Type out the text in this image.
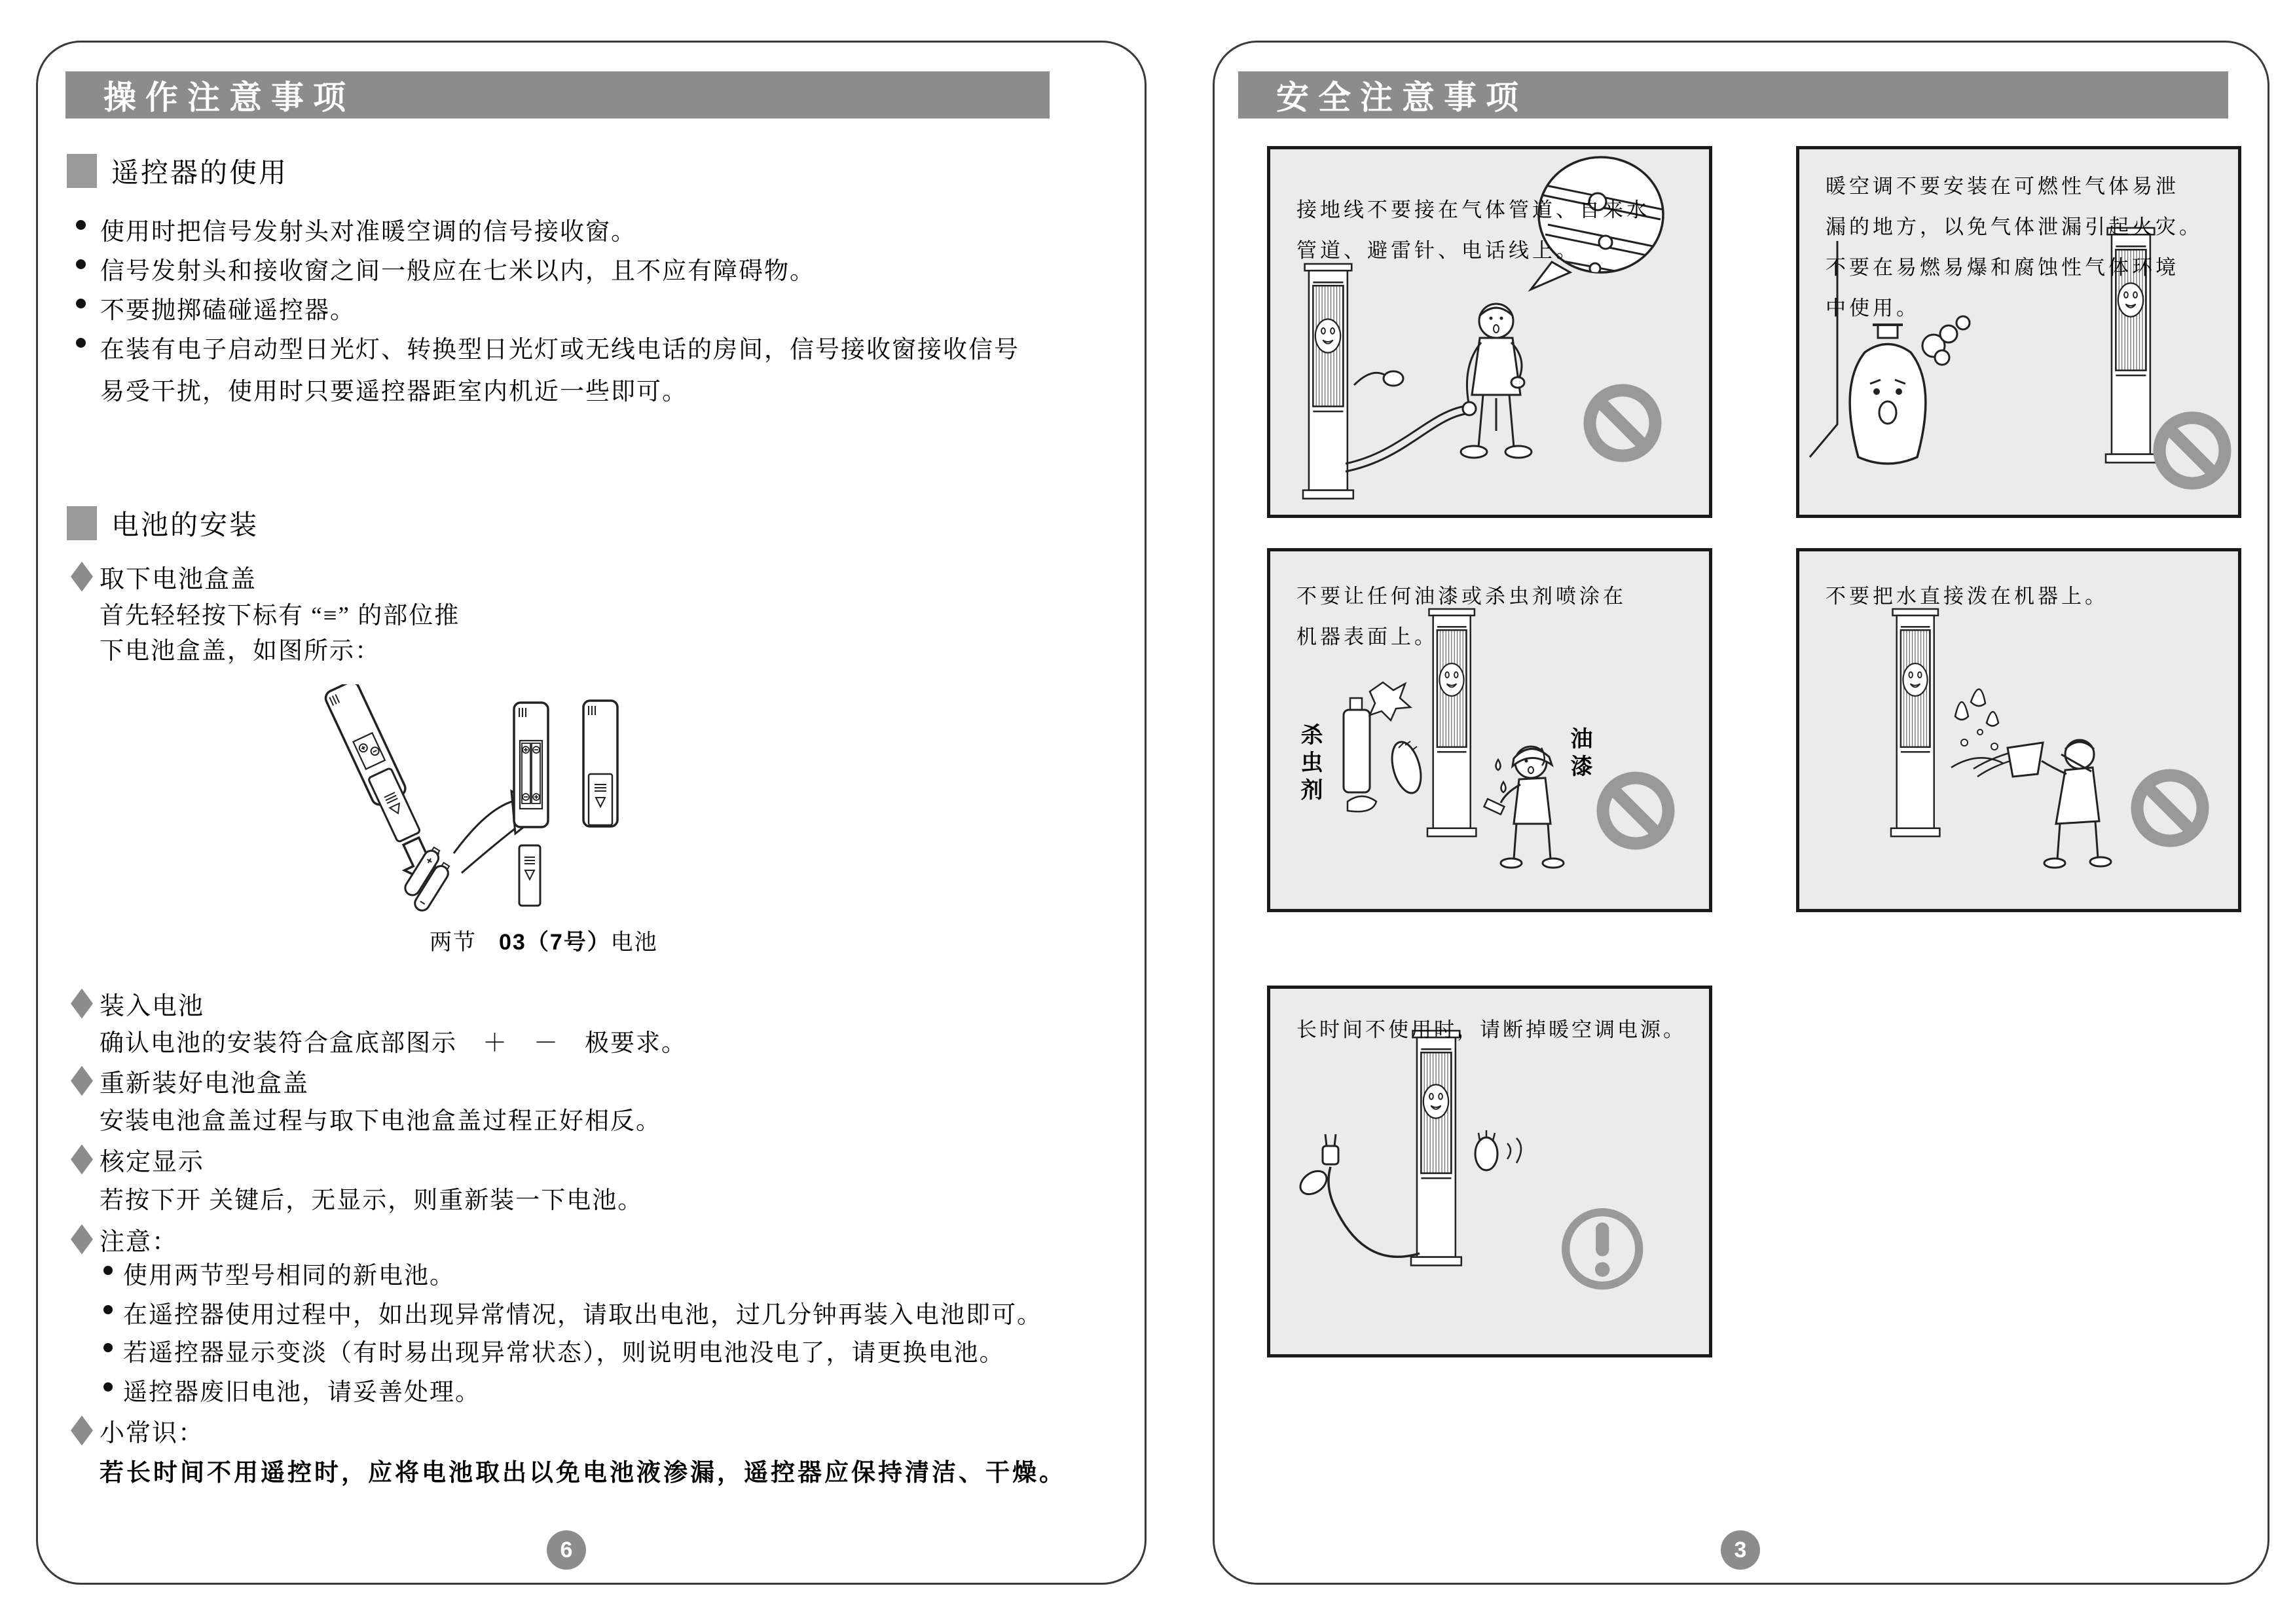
操作注意事项
遥控器的使用
使用时把信号发射头对准暖空调的信号接收窗。
信号发射头和接收窗之间一般应在七米以内，且不应有障碍物。
不要抛掷磕碰遥控器。
在装有电子启动型日光灯、转换型日光灯或无线电话的房间，信号接收窗接收信号
易受干扰，使用时只要遥控器距室内机近一些即可。
电池的安装
取下电池盒盖
首先轻轻按下标有 “≡” 的部位推
下电池盒盖，如图所示：
两节 03（7号）电池
装入电池
确认电池的安装符合盒底部图示　＋　－　极要求。
重新装好电池盒盖
安装电池盒盖过程与取下电池盒盖过程正好相反。
核定显示
若按下开 关键后，无显示，则重新装一下电池。
注意：
使用两节型号相同的新电池。
在遥控器使用过程中，如出现异常情况，请取出电池，过几分钟再装入电池即可。
若遥控器显示变淡（有时易出现异常状态），则说明电池没电了，请更换电池。
遥控器废旧电池，请妥善处理。
小常识：
若长时间不用遥控时，应将电池取出以免电池液渗漏，遥控器应保持清洁、干燥。
6
安全注意事项
接地线不要接在气体管道、自来水
管道、避雷针、电话线上。
暖空调不要安装在可燃性气体易泄
漏的地方，以免气体泄漏引起火灾。
不要在易燃易爆和腐蚀性气体环境
中使用。
不要让任何油漆或杀虫剂喷涂在
机器表面上。
杀虫剂	油漆
不要把水直接泼在机器上。
长时间不使用时，请断掉暖空调电源。
3
